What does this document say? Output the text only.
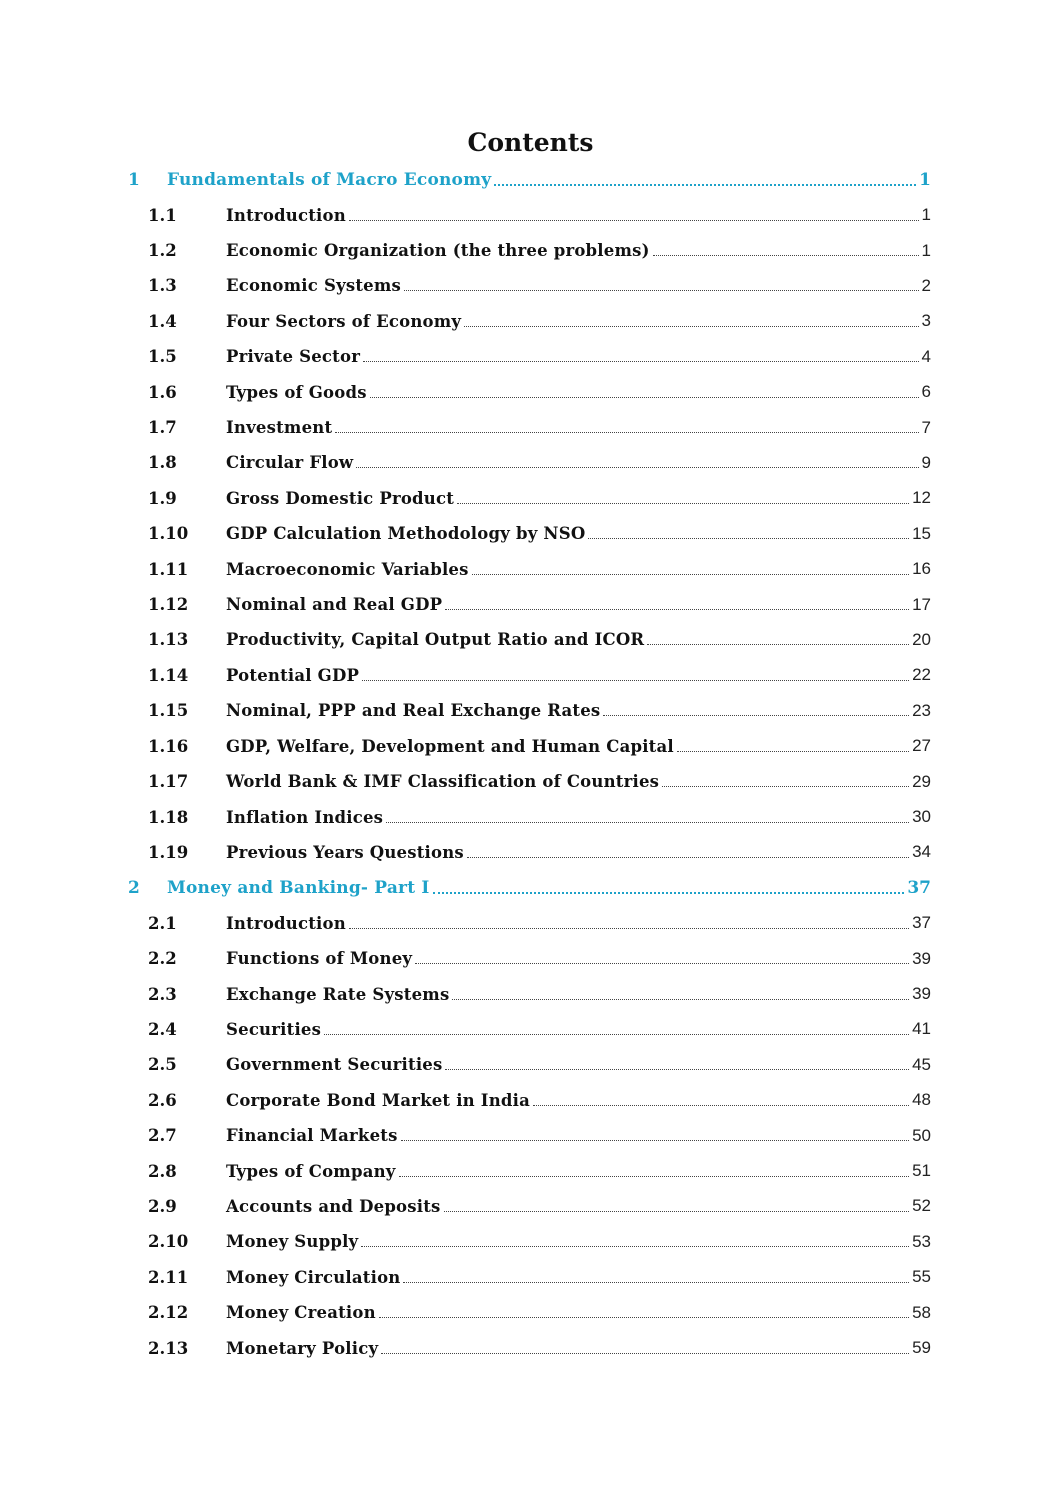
Contents
1	Fundamentals of Macro Economy	1
1.1	Introduction	1
1.2	Economic Organization (the three problems)	1
1.3	Economic Systems	2
1.4	Four Sectors of Economy	3
1.5	Private Sector	4
1.6	Types of Goods	6
1.7	Investment	7
1.8	Circular Flow	9
1.9	Gross Domestic Product	12
1.10	GDP Calculation Methodology by NSO	15
1.11	Macroeconomic Variables	16
1.12	Nominal and Real GDP	17
1.13	Productivity, Capital Output Ratio and ICOR	20
1.14	Potential GDP	22
1.15	Nominal, PPP and Real Exchange Rates	23
1.16	GDP, Welfare, Development and Human Capital	27
1.17	World Bank & IMF Classification of Countries	29
1.18	Inflation Indices	30
1.19	Previous Years Questions	34
2	Money and Banking- Part I	37
2.1	Introduction	37
2.2	Functions of Money	39
2.3	Exchange Rate Systems	39
2.4	Securities	41
2.5	Government Securities	45
2.6	Corporate Bond Market in India	48
2.7	Financial Markets	50
2.8	Types of Company	51
2.9	Accounts and Deposits	52
2.10	Money Supply	53
2.11	Money Circulation	55
2.12	Money Creation	58
2.13	Monetary Policy	59
